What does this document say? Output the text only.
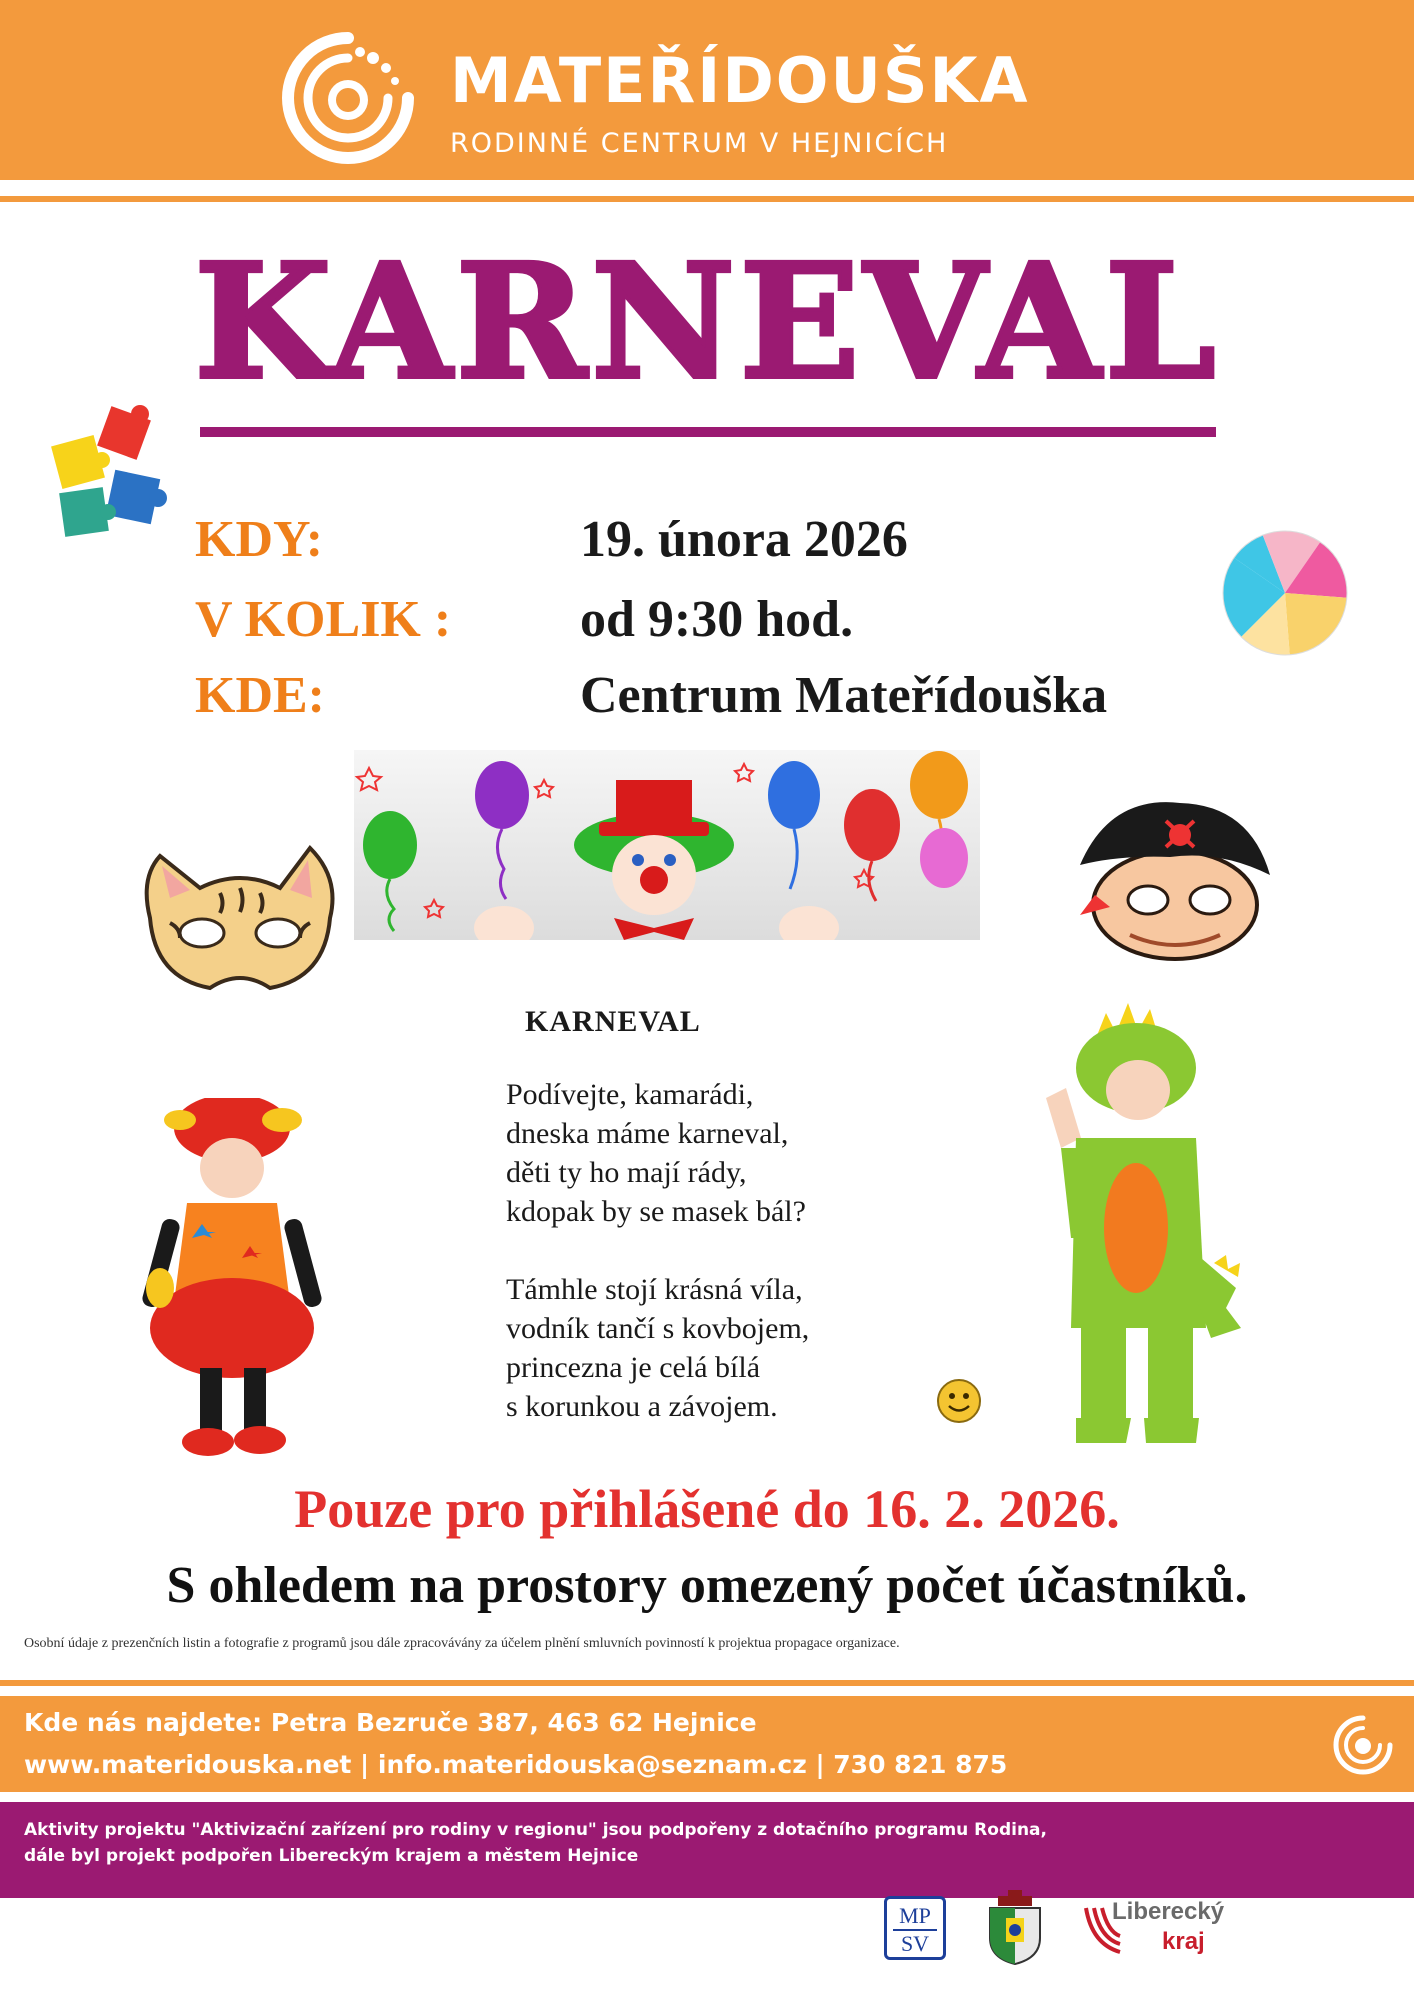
MATEŘÍDOUŠKA
RODINNÉ CENTRUM V HEJNICÍCH
KARNEVAL
KDY:	19. února 2026
V KOLIK : od 9:30 hod.
KDE:	Centrum Mateřídouška
KARNEVAL
Podívejte, kamarádi,
dneska máme karneval,
děti ty ho mají rády,
kdopak by se masek bál?
Támhle stojí krásná víla,
vodník tančí s kovbojem,
princezna je celá bílá
s korunkou a závojem.
Pouze pro přihlášené do 16. 2. 2026.
S ohledem na prostory omezený počet účastníků.
Osobní údaje z prezenčních listin a fotografie z programů jsou dále zpracovávány za účelem plnění smluvních povinností k projektua propagace organizace.
Kde nás najdete: Petra Bezruče 387, 463 62 Hejnice
www.materidouska.net | info.materidouska@seznam.cz | 730 821 875
Aktivity projektu "Aktivizační zařízení pro rodiny v regionu" jsou podpořeny z dotačního programu Rodina,
dále byl projekt podpořen Libereckým krajem a městem Hejnice
MP
SV
Liberecký
kraj
